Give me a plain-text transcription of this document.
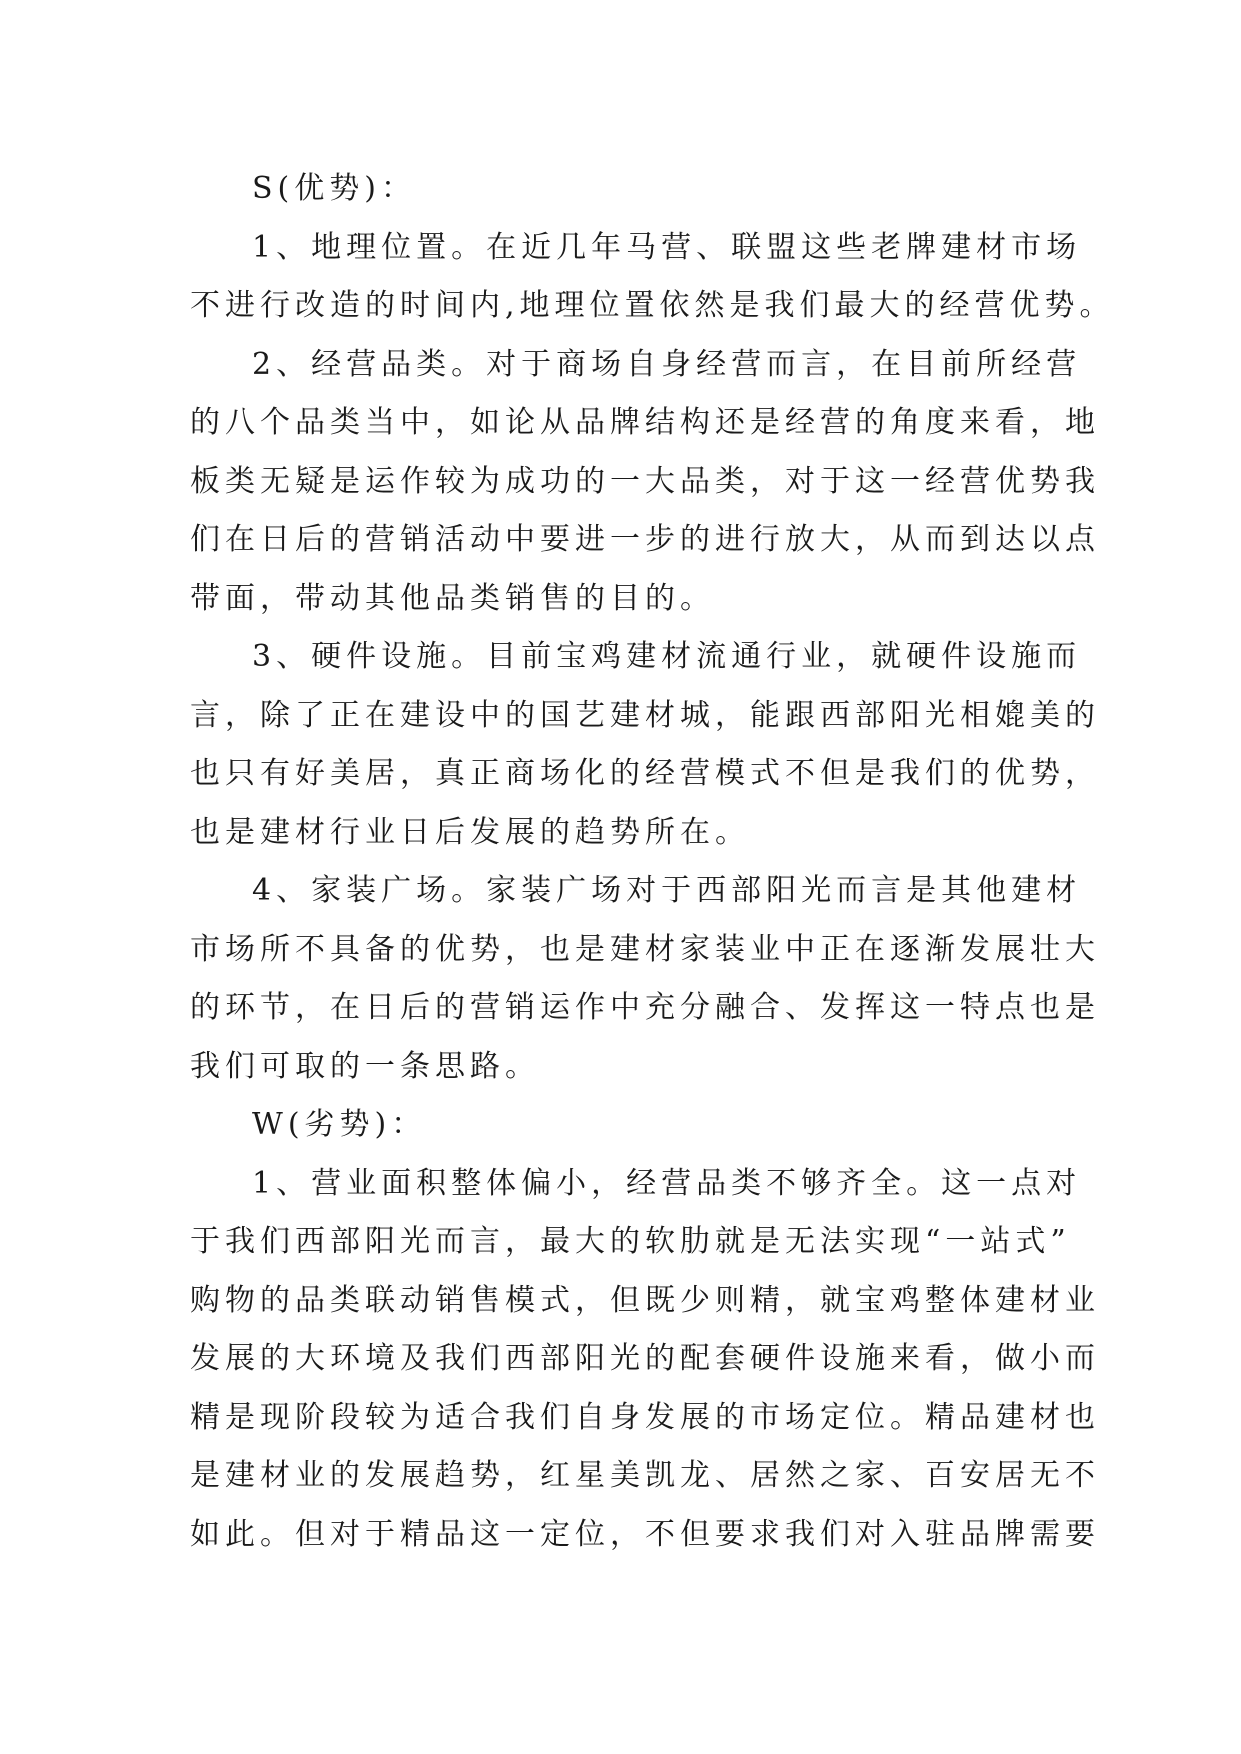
S(优势)：
1、地理位置。在近几年马营、联盟这些老牌建材市场
不进行改造的时间内,地理位置依然是我们最大的经营优势。
2、经营品类。对于商场自身经营而言，在目前所经营
的八个品类当中，如论从品牌结构还是经营的角度来看，地
板类无疑是运作较为成功的一大品类，对于这一经营优势我
们在日后的营销活动中要进一步的进行放大，从而到达以点
带面，带动其他品类销售的目的。
3、硬件设施。目前宝鸡建材流通行业，就硬件设施而
言，除了正在建设中的国艺建材城，能跟西部阳光相媲美的
也只有好美居，真正商场化的经营模式不但是我们的优势，
也是建材行业日后发展的趋势所在。
4、家装广场。家装广场对于西部阳光而言是其他建材
市场所不具备的优势，也是建材家装业中正在逐渐发展壮大
的环节，在日后的营销运作中充分融合、发挥这一特点也是
我们可取的一条思路。
W(劣势)：
1、营业面积整体偏小，经营品类不够齐全。这一点对
于我们西部阳光而言，最大的软肋就是无法实现“一站式”
购物的品类联动销售模式，但既少则精，就宝鸡整体建材业
发展的大环境及我们西部阳光的配套硬件设施来看，做小而
精是现阶段较为适合我们自身发展的市场定位。精品建材也
是建材业的发展趋势，红星美凯龙、居然之家、百安居无不
如此。但对于精品这一定位，不但要求我们对入驻品牌需要
